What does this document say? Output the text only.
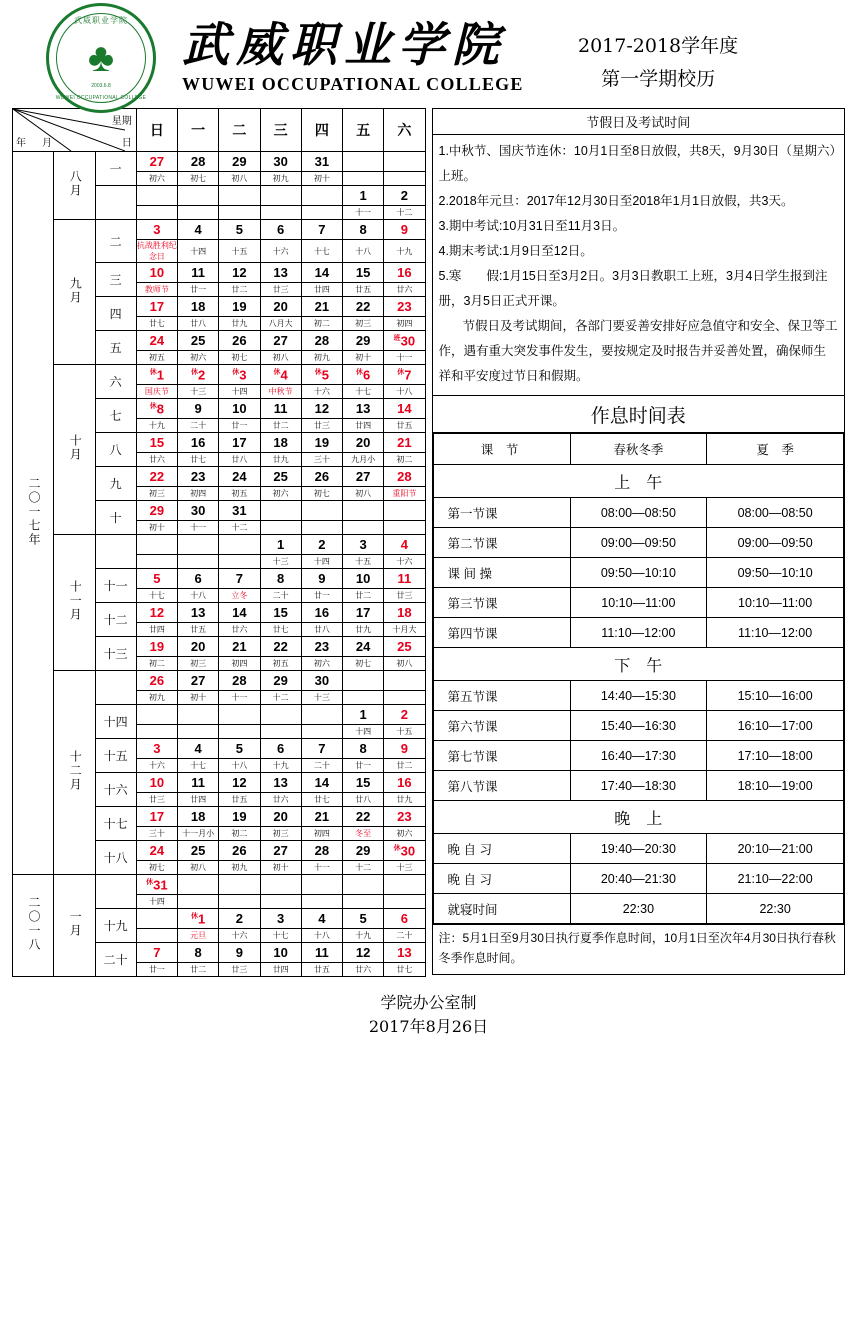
武威职业学院
♣
2003.6.8
WUWEI OCCUPATIONAL COLLEGE
武威职业学院
WUWEI OCCUPATIONAL COLLEGE
2017-2018学年度
第一学期校历
星期
日
年 月			日	一	二	三	四	五	六
二〇一七年	八月	一	27	28	29	30	31		
			初六	初七	初八	初九	初十		
								1	2
								十一	十二
	九月	二	3	4	5	6	7	8	9
			抗战胜利纪念日	十四	十五	十六	十七	十八	十九
		三	10	11	12	13	14	15	16
			教师节	廿一	廿二	廿三	廿四	廿五	廿六
		四	17	18	19	20	21	22	23
			廿七	廿八	廿九	八月大	初二	初三	初四
		五	24	25	26	27	28	29	$^班$30
			初五	初六	初七	初八	初九	初十	十一
	十月	六	$^休$1	$^休$2	$^休$3	$^休$4	$^休$5	$^休$6	$^休$7
			国庆节	十三	十四	中秋节	十六	十七	十八
		七	$^休$8	9	10	11	12	13	14
			十九	二十	廿一	廿二	廿三	廿四	廿五
		八	15	16	17	18	19	20	21
			廿六	廿七	廿八	廿九	三十	九月小	初二
		九	22	23	24	25	26	27	28
			初三	初四	初五	初六	初七	初八	重阳节
		十	29	30	31				
			初十	十一	十二				
	十一月					1	2	3	4
						十三	十四	十五	十六
		十一	5	6	7	8	9	10	11
			十七	十八	立冬	二十	廿一	廿二	廿三
		十二	12	13	14	15	16	17	18
			廿四	廿五	廿六	廿七	廿八	廿九	十月大
		十三	19	20	21	22	23	24	25
			初二	初三	初四	初五	初六	初七	初八
	十二月		26	27	28	29	30		
			初九	初十	十一	十二	十三		
		十四						1	2
								十四	十五
		十五	3	4	5	6	7	8	9
			十六	十七	十八	十九	二十	廿一	廿二
		十六	10	11	12	13	14	15	16
			廿三	廿四	廿五	廿六	廿七	廿八	廿九
		十七	17	18	19	20	21	22	23
			三十	十一月小	初二	初三	初四	冬至	初六
		十八	24	25	26	27	28	29	$^休$30
			初七	初八	初九	初十	十一	十二	十三
二〇一八	一月		$^休$31						
			十四						
		十九		$^休$1	2	3	4	5	6
				元旦	十六	十七	十八	十九	二十
		二十	7	8	9	10	11	12	13
			廿一	廿二	廿三	廿四	廿五	廿六	廿七
节假日及考试时间

1.中秋节、国庆节连休：10月1日至8日放假，共8天，9月30日（星期六）上班。

2.2018年元旦：2017年12月30日至2018年1月1日放假，共3天。

3.期中考试:10月31日至11月3日。

4.期末考试:1月9日至12日。

5.寒　　假:1月15日至3月2日。3月3日教职工上班，3月4日学生报到注册，3月5日正式开课。

节假日及考试期间，各部门要妥善安排好应急值守和安全、保卫等工作，遇有重大突发事件发生，要按规定及时报告并妥善处置，确保师生祥和平安度过节日和假期。

作息时间表
课　节	春秋冬季	夏　季
上　午		
第一节课	08:00—08:50	08:00—08:50
第二节课	09:00—09:50	09:00—09:50
课 间 操	09:50—10:10	09:50—10:10
第三节课	10:10—11:00	10:10—11:00
第四节课	11:10—12:00	11:10—12:00
下　午		
第五节课	14:40—15:30	15:10—16:00
第六节课	15:40—16:30	16:10—17:00
第七节课	16:40—17:30	17:10—18:00
第八节课	17:40—18:30	18:10—19:00
晚　上		
晚 自 习	19:40—20:30	20:10—21:00
晚 自 习	20:40—21:30	21:10—22:00
就寝时间	22:30	22:30
注：5月1日至9月30日执行夏季作息时间，10月1日至次年4月30日执行春秋冬季作息时间。
学院办公室制
2017年8月26日
